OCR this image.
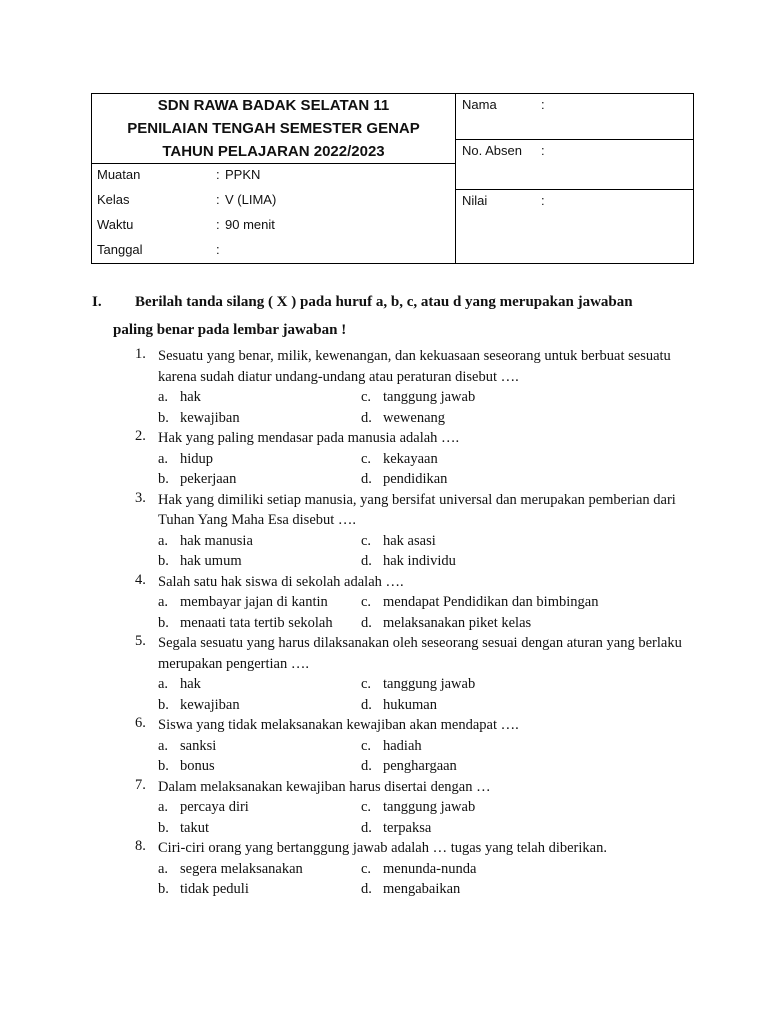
SDN RAWA BADAK SELATAN 11
PENILAIAN TENGAH SEMESTER GENAP
TAHUN PELAJARAN 2022/2023
Muatan	: PPKN
Kelas	: V (LIMA)
Waktu	: 90 menit
Tanggal	:
Nama	:
No. Absen :
Nilai	:
I. Berilah tanda silang ( X ) pada huruf a, b, c, atau d yang merupakan jawaban
paling benar pada lembar jawaban !
1. Sesuatu yang benar, milik, kewenangan, dan kekuasaan seseorang untuk berbuat sesuatu karena sudah diatur undang-undang atau peraturan disebut ….
a. hak
b. kewajiban
c. tanggung jawab
d. wewenang
2. Hak yang paling mendasar pada manusia adalah ….
a. hidup
b. pekerjaan
c. kekayaan
d. pendidikan
3. Hak yang dimiliki setiap manusia, yang bersifat universal dan merupakan pemberian dari Tuhan Yang Maha Esa disebut ….
a. hak manusia
b. hak umum
c. hak asasi
d. hak individu
4. Salah satu hak siswa di sekolah adalah ….
a. membayar jajan di kantin
b. menaati tata tertib sekolah
c. mendapat Pendidikan dan bimbingan
d. melaksanakan piket kelas
5. Segala sesuatu yang harus dilaksanakan oleh seseorang sesuai dengan aturan yang berlaku merupakan pengertian ….
a. hak
b. kewajiban
c. tanggung jawab
d. hukuman
6. Siswa yang tidak melaksanakan kewajiban akan mendapat ….
a. sanksi
b. bonus
c. hadiah
d. penghargaan
7. Dalam melaksanakan kewajiban harus disertai dengan …
a. percaya diri
b. takut
c. tanggung jawab
d. terpaksa
8. Ciri-ciri orang yang bertanggung jawab adalah … tugas yang telah diberikan.
a. segera melaksanakan
b. tidak peduli
c. menunda-nunda
d. mengabaikan
